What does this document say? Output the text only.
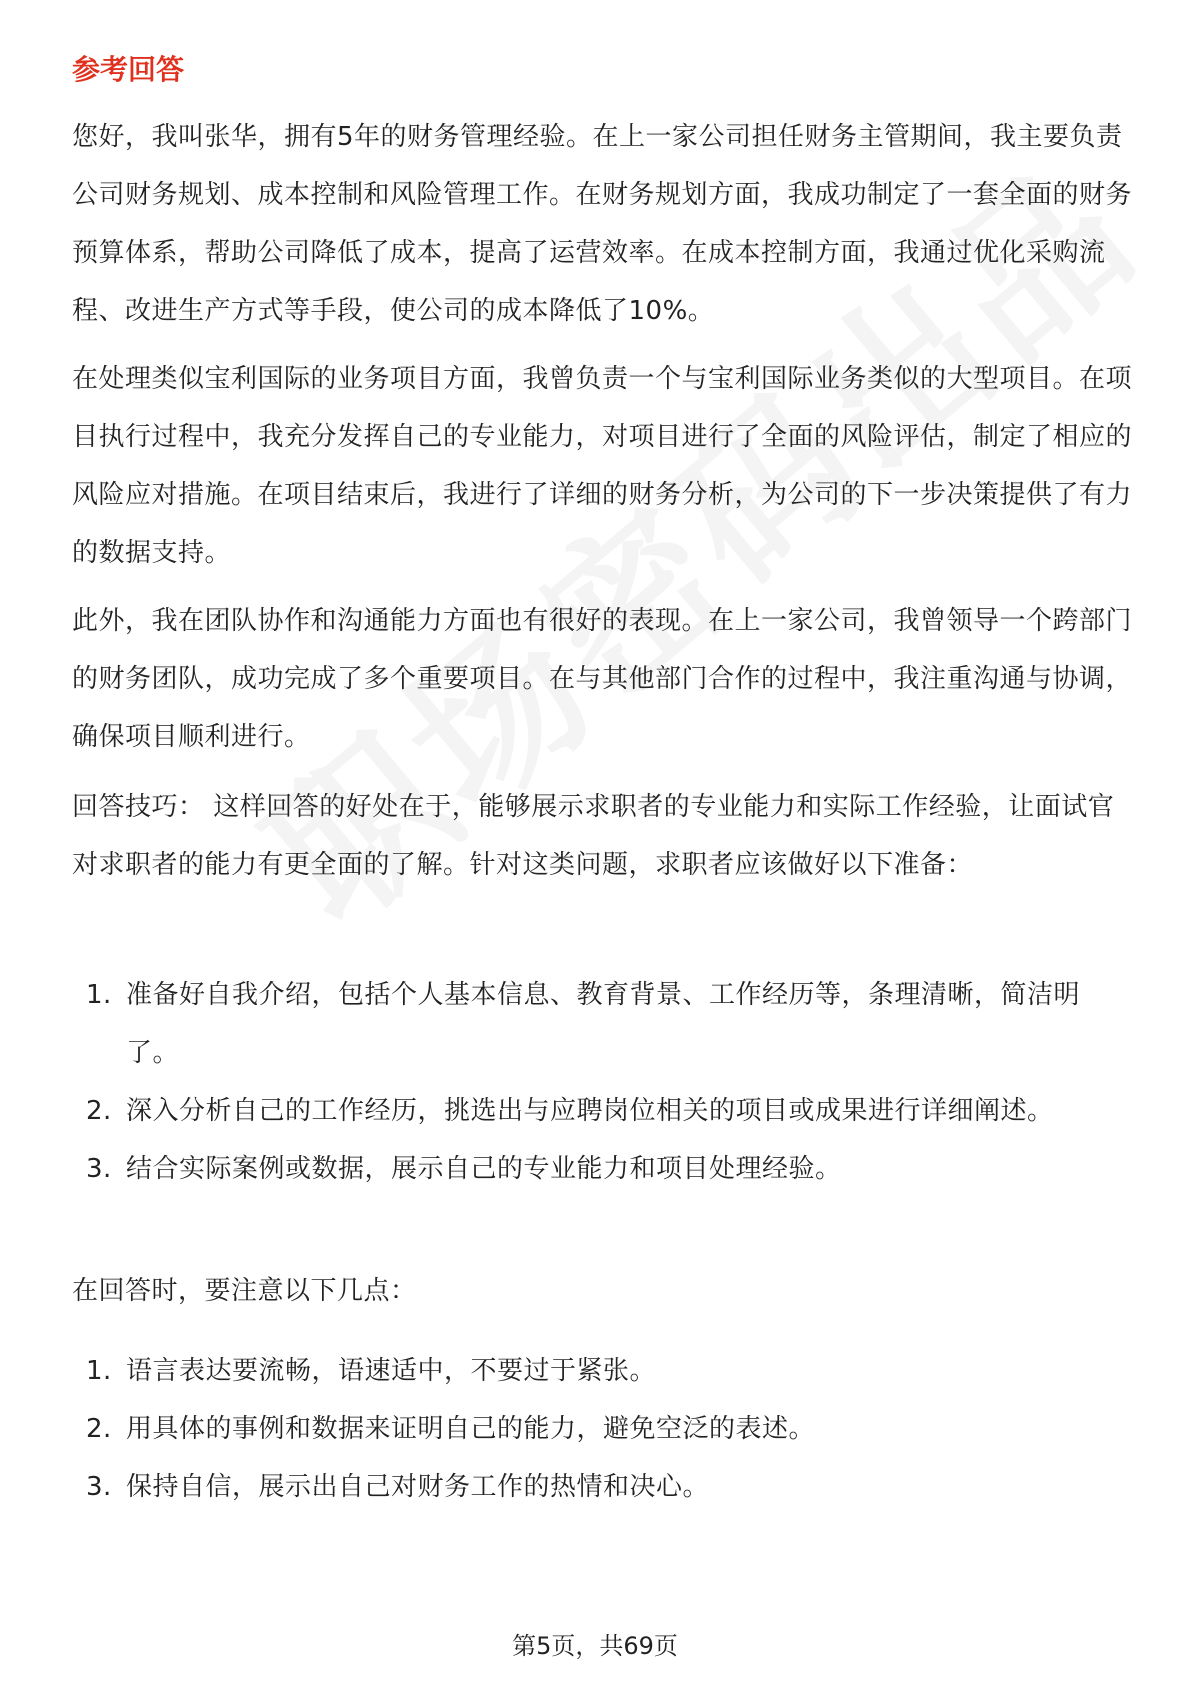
参考回答

您好，我叫张华，拥有5年的财务管理经验。在上一家公司担任财务主管期间，我主要负责公司财务规划、成本控制和风险管理工作。在财务规划方面，我成功制定了一套全面的财务预算体系，帮助公司降低了成本，提高了运营效率。在成本控制方面，我通过优化采购流程、改进生产方式等手段，使公司的成本降低了10%。

在处理类似宝利国际的业务项目方面，我曾负责一个与宝利国际业务类似的大型项目。在项目执行过程中，我充分发挥自己的专业能力，对项目进行了全面的风险评估，制定了相应的风险应对措施。在项目结束后，我进行了详细的财务分析，为公司的下一步决策提供了有力的数据支持。

此外，我在团队协作和沟通能力方面也有很好的表现。在上一家公司，我曾领导一个跨部门的财务团队，成功完成了多个重要项目。在与其他部门合作的过程中，我注重沟通与协调，确保项目顺利进行。

回答技巧： 这样回答的好处在于，能够展示求职者的专业能力和实际工作经验，让面试官对求职者的能力有更全面的了解。针对这类问题，求职者应该做好以下准备：

1. 准备好自我介绍，包括个人基本信息、教育背景、工作经历等，条理清晰，简洁明了。
2. 深入分析自己的工作经历，挑选出与应聘岗位相关的项目或成果进行详细阐述。
3. 结合实际案例或数据，展示自己的专业能力和项目处理经验。

在回答时，要注意以下几点：

1. 语言表达要流畅，语速适中，不要过于紧张。
2. 用具体的事例和数据来证明自己的能力，避免空泛的表述。
3. 保持自信，展示出自己对财务工作的热情和决心。
第5页，共69页
